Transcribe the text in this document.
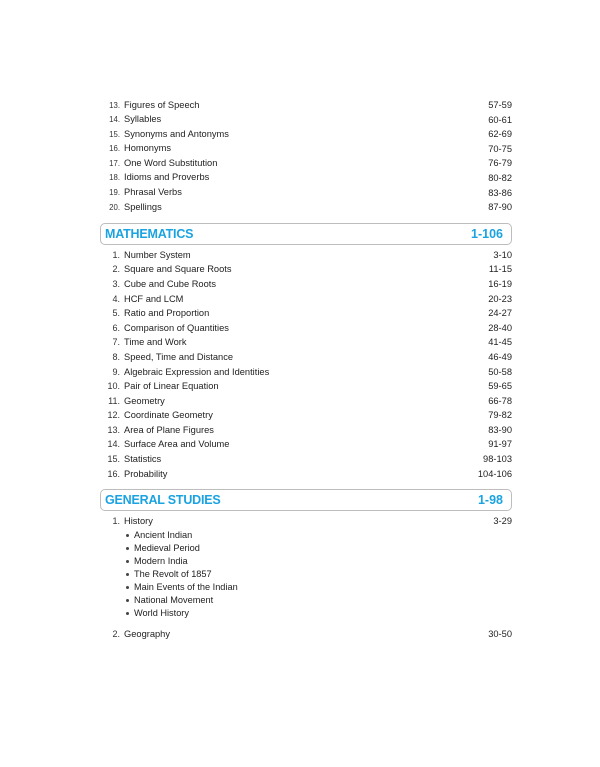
13. Figures of Speech	57-59
14. Syllables	60-61
15. Synonyms and Antonyms	62-69
16. Homonyms	70-75
17. One Word Substitution	76-79
18. Idioms and Proverbs	80-82
19. Phrasal Verbs	83-86
20. Spellings	87-90
MATHEMATICS	1-106
1. Number System	3-10
2. Square and Square Roots	11-15
3. Cube and Cube Roots	16-19
4. HCF and LCM	20-23
5. Ratio and Proportion	24-27
6. Comparison of Quantities	28-40
7. Time and Work	41-45
8. Speed, Time and Distance	46-49
9. Algebraic Expression and Identities	50-58
10. Pair of Linear Equation	59-65
11. Geometry	66-78
12. Coordinate Geometry	79-82
13. Area of Plane Figures	83-90
14. Surface Area and Volume	91-97
15. Statistics	98-103
16. Probability	104-106
GENERAL STUDIES	1-98
1. History	3-29
Ancient Indian
Medieval Period
Modern India
The Revolt of 1857
Main Events of the Indian
National Movement
World History
2. Geography	30-50
